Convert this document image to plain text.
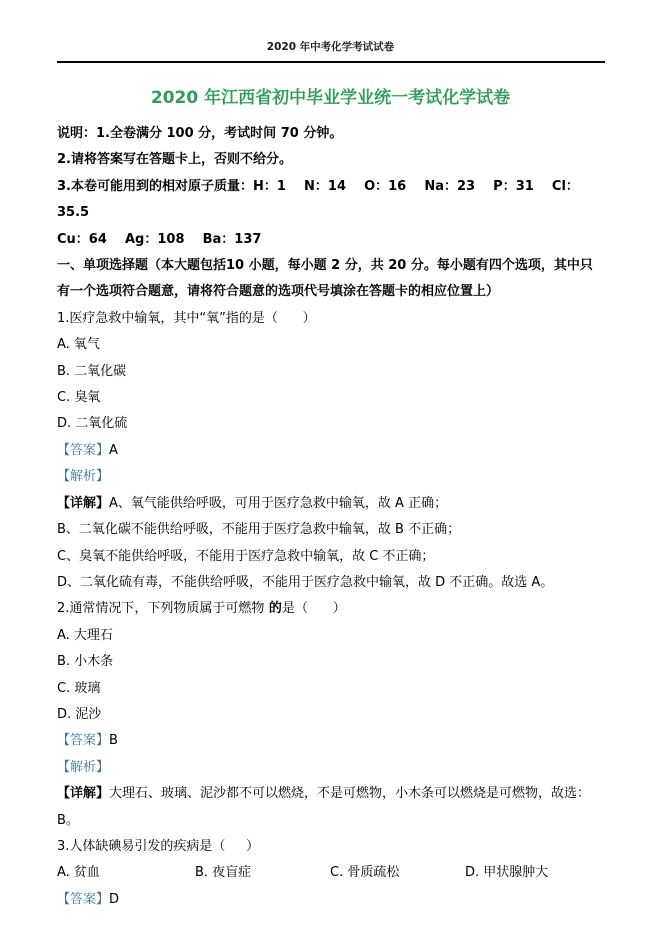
2020 年中考化学考试试卷
2020 年江西省初中毕业学业统一考试化学试卷

说明：1.全卷满分 100 分，考试时间 70 分钟。

2.请将答案写在答题卡上，否则不给分。

3.本卷可能用到的相对原子质量：H：1    N：14    O：16    Na：23    P：31    Cl：35.5

Cu：64    Ag：108    Ba：137

一、单项选择题（本大题包括10 小题，每小题 2 分，共 20 分。每小题有四个选项，其中只有一个选项符合题意，请将符合题意的选项代号填涂在答题卡的相应位置上）

1.医疗急救中输氧，其中“氧”指的是（      ）

A. 氧气

B. 二氧化碳

C. 臭氧

D. 二氧化硫

【答案】A

【解析】

【详解】A、氧气能供给呼吸，可用于医疗急救中输氧，故 A 正确；

B、二氧化碳不能供给呼吸，不能用于医疗急救中输氧，故 B 不正确；

C、臭氧不能供给呼吸，不能用于医疗急救中输氧，故 C 不正确；

D、二氧化硫有毒，不能供给呼吸，不能用于医疗急救中输氧，故 D 不正确。故选 A。

2.通常情况下，下列物质属于可燃物 的是（      ）

A. 大理石

B. 小木条

C. 玻璃

D. 泥沙

【答案】B

【解析】

【详解】大理石、玻璃、泥沙都不可以燃烧，不是可燃物，小木条可以燃烧是可燃物，故选：B。

3.人体缺碘易引发的疾病是（     ）

A. 贫血	B. 夜盲症	C. 骨质疏松	D. 甲状腺肿大

【答案】D
